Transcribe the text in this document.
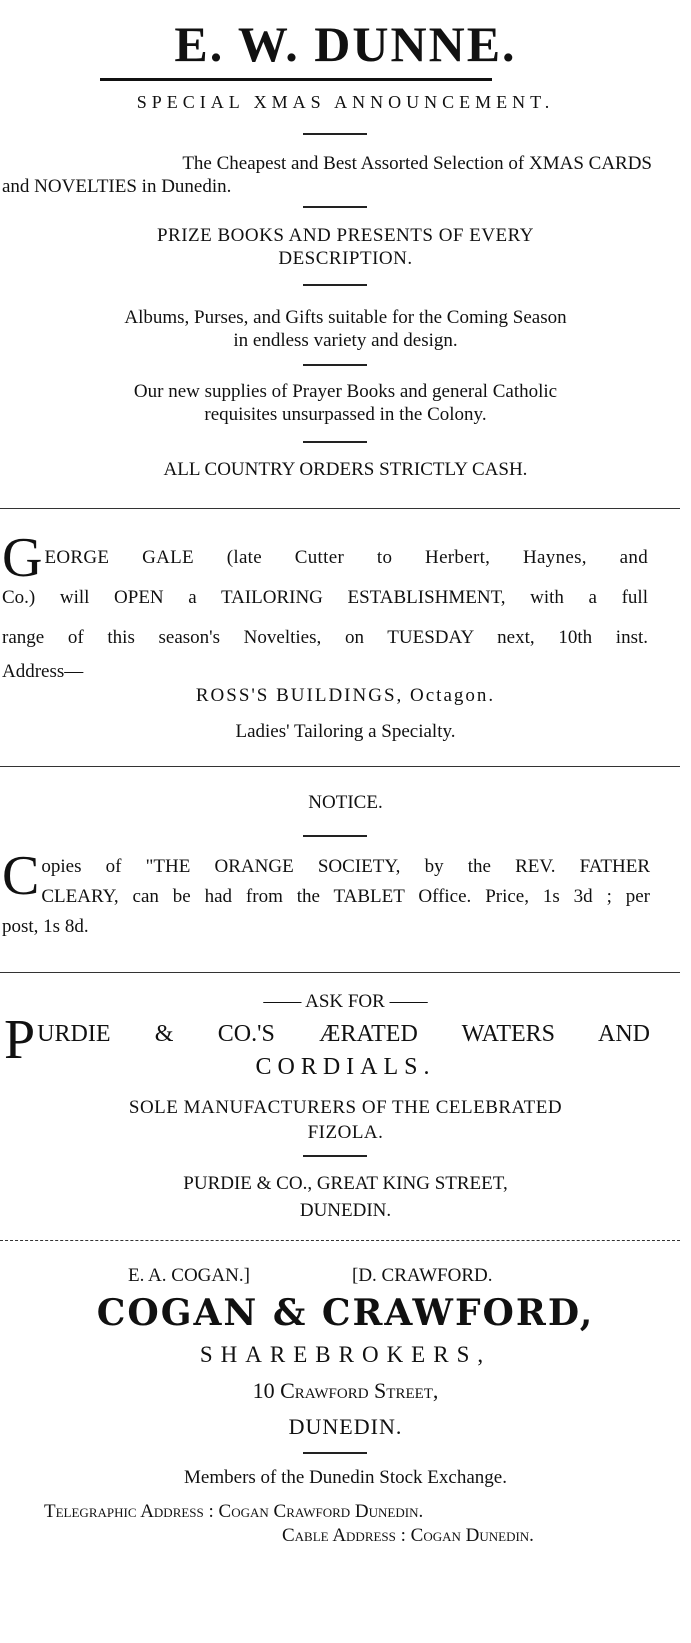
E. W. DUNNE.
SPECIAL XMAS ANNOUNCEMENT.
The Cheapest and Best Assorted Selection of XMAS CARDS
and NOVELTIES in Dunedin.
PRIZE BOOKS AND PRESENTS OF EVERY
DESCRIPTION.
Albums, Purses, and Gifts suitable for the Coming Season
in endless variety and design.
Our new supplies of Prayer Books and general Catholic
requisites unsurpassed in the Colony.
ALL COUNTRY ORDERS STRICTLY CASH.
GEORGE GALE (late Cutter to Herbert, Haynes, and
Co.) will OPEN a TAILORING ESTABLISHMENT, with a full
range of this season's Novelties, on TUESDAY next, 10th inst.
Address—
ROSS'S BUILDINGS, Octagon.
Ladies' Tailoring a Specialty.
NOTICE.
Copies of "THE ORANGE SOCIETY, by the REV. FATHER
CLEARY, can be had from the TABLET Office. Price, 1s 3d ; per
post, 1s 8d.
—— ASK FOR ——
PURDIE & CO.'S ÆRATED WATERS AND
CORDIALS.
SOLE MANUFACTURERS OF THE CELEBRATED
FIZOLA.
PURDIE & CO., GREAT KING STREET,
DUNEDIN.
E. A. COGAN.]	[D. CRAWFORD.
COGAN & CRAWFORD,
SHAREBROKERS,
10 Crawford Street,
DUNEDIN.
Members of the Dunedin Stock Exchange.
Telegraphic Address : Cogan Crawford Dunedin.
Cable Address : Cogan Dunedin.
